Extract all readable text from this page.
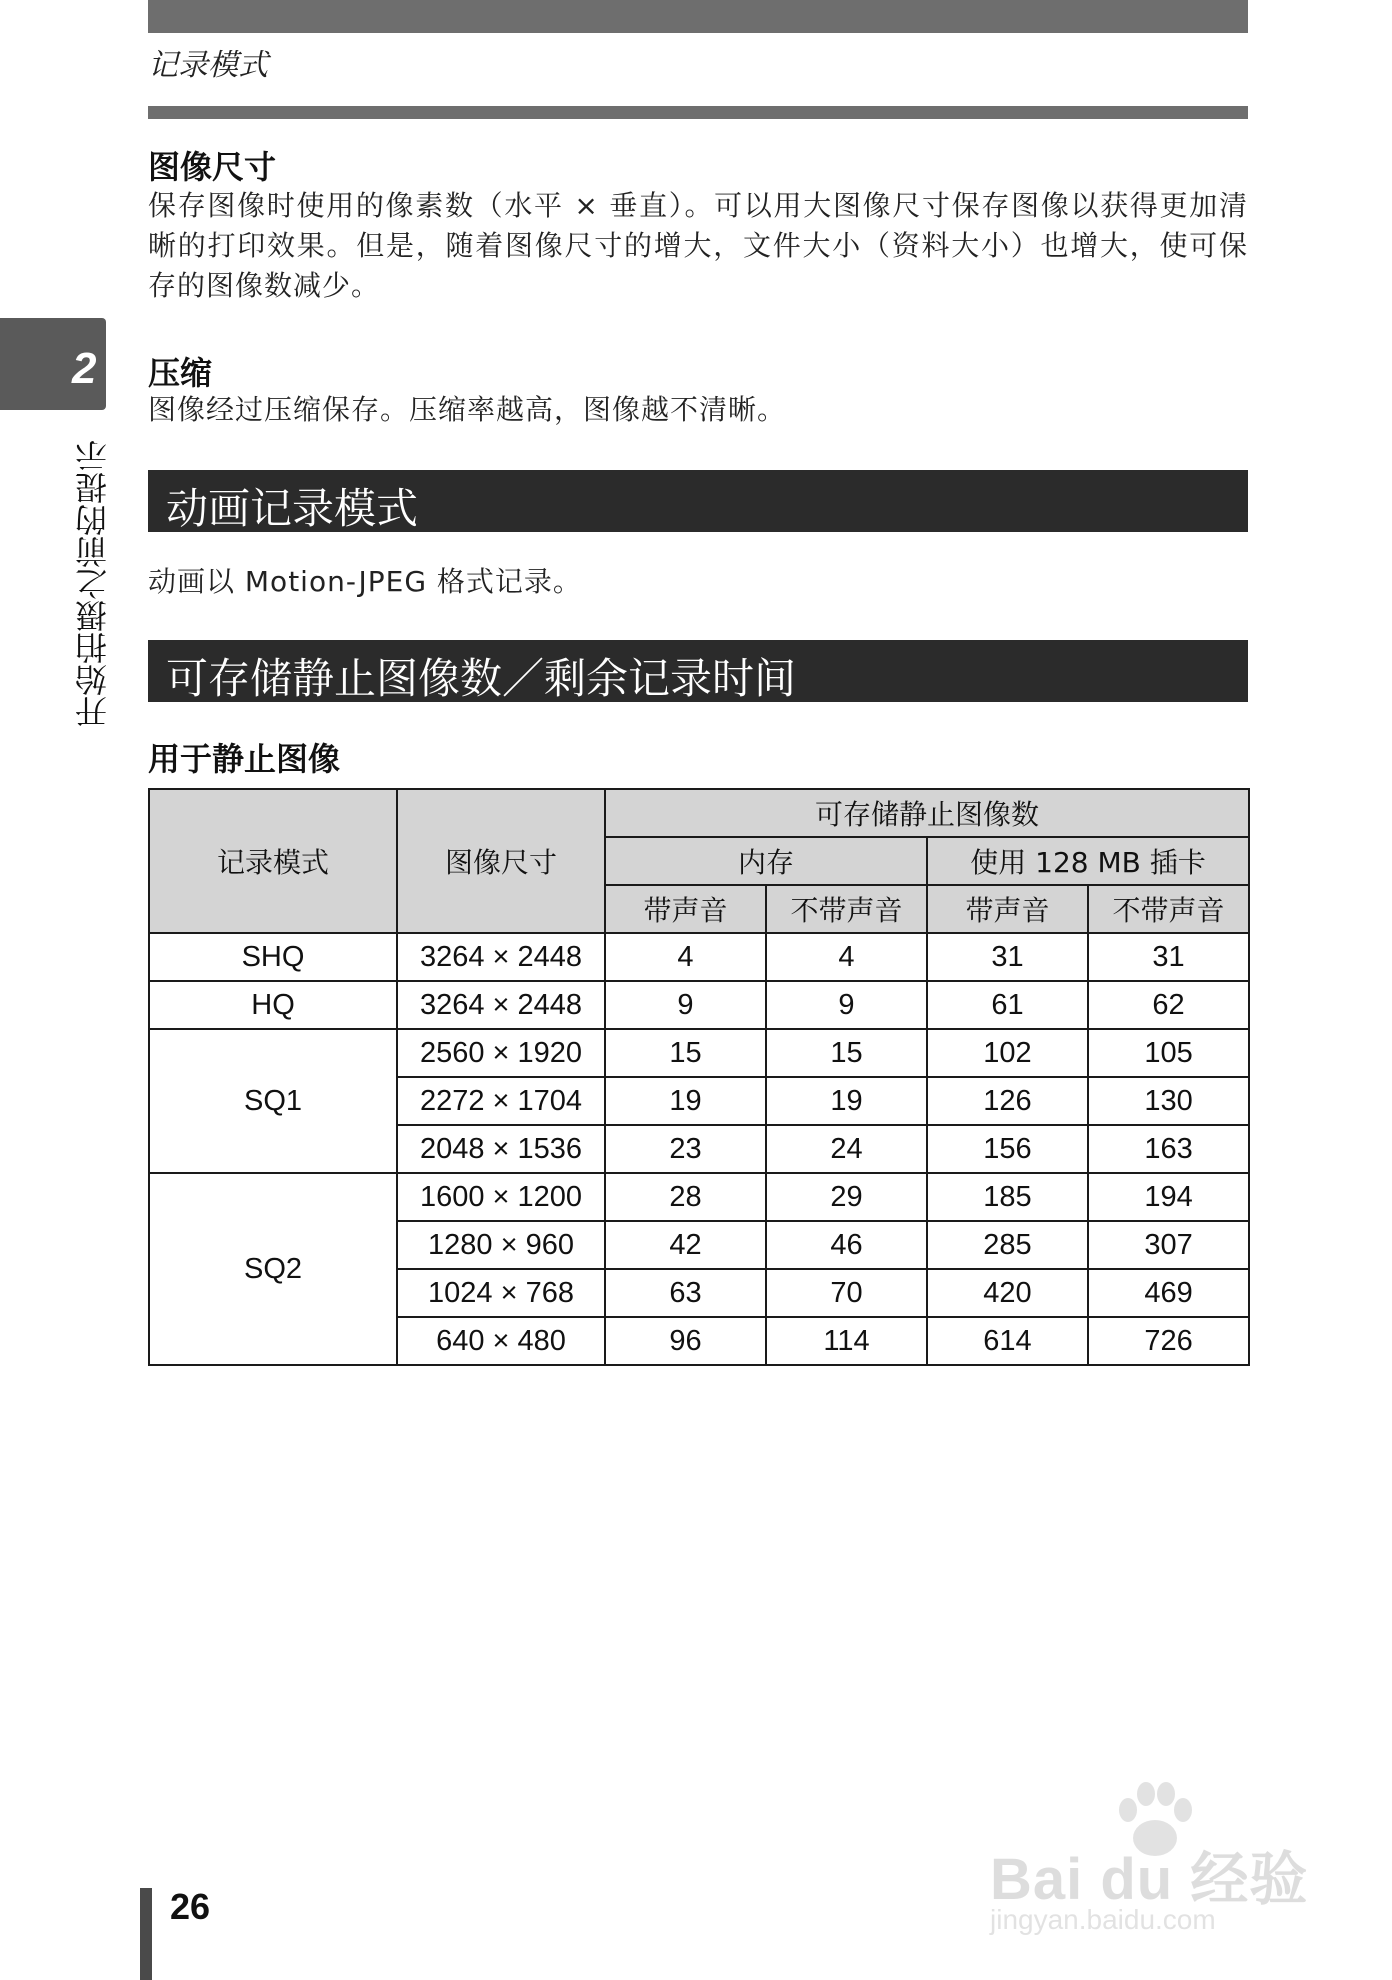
记录模式
2
开始拍摄之前的提示
图像尺寸
保存图像时使用的像素数（水平 × 垂直）。可以用大图像尺寸保存图像以获得更加清晰的打印效果。但是，随着图像尺寸的增大，文件大小（资料大小）也增大，使可保存的图像数减少。
压缩
图像经过压缩保存。压缩率越高，图像越不清晰。
动画记录模式
动画以 Motion-JPEG 格式记录。
可存储静止图像数／剩余记录时间
用于静止图像
记录模式	图像尺寸	可存储静止图像数			
		内存		使用 128 MB 插卡	
		带声音	不带声音	带声音	不带声音
SHQ	3264 × 2448	4	4	31	31
HQ	3264 × 2448	9	9	61	62
SQ1	2560 × 1920	15	15	102	105
	2272 × 1704	19	19	126	130
	2048 × 1536	23	24	156	163
SQ2	1600 × 1200	28	29	185	194
	1280 × 960	42	46	285	307
	1024 × 768	63	70	420	469
	640 × 480	96	114	614	726
Bai du 经验
jingyan.baidu.com
26
